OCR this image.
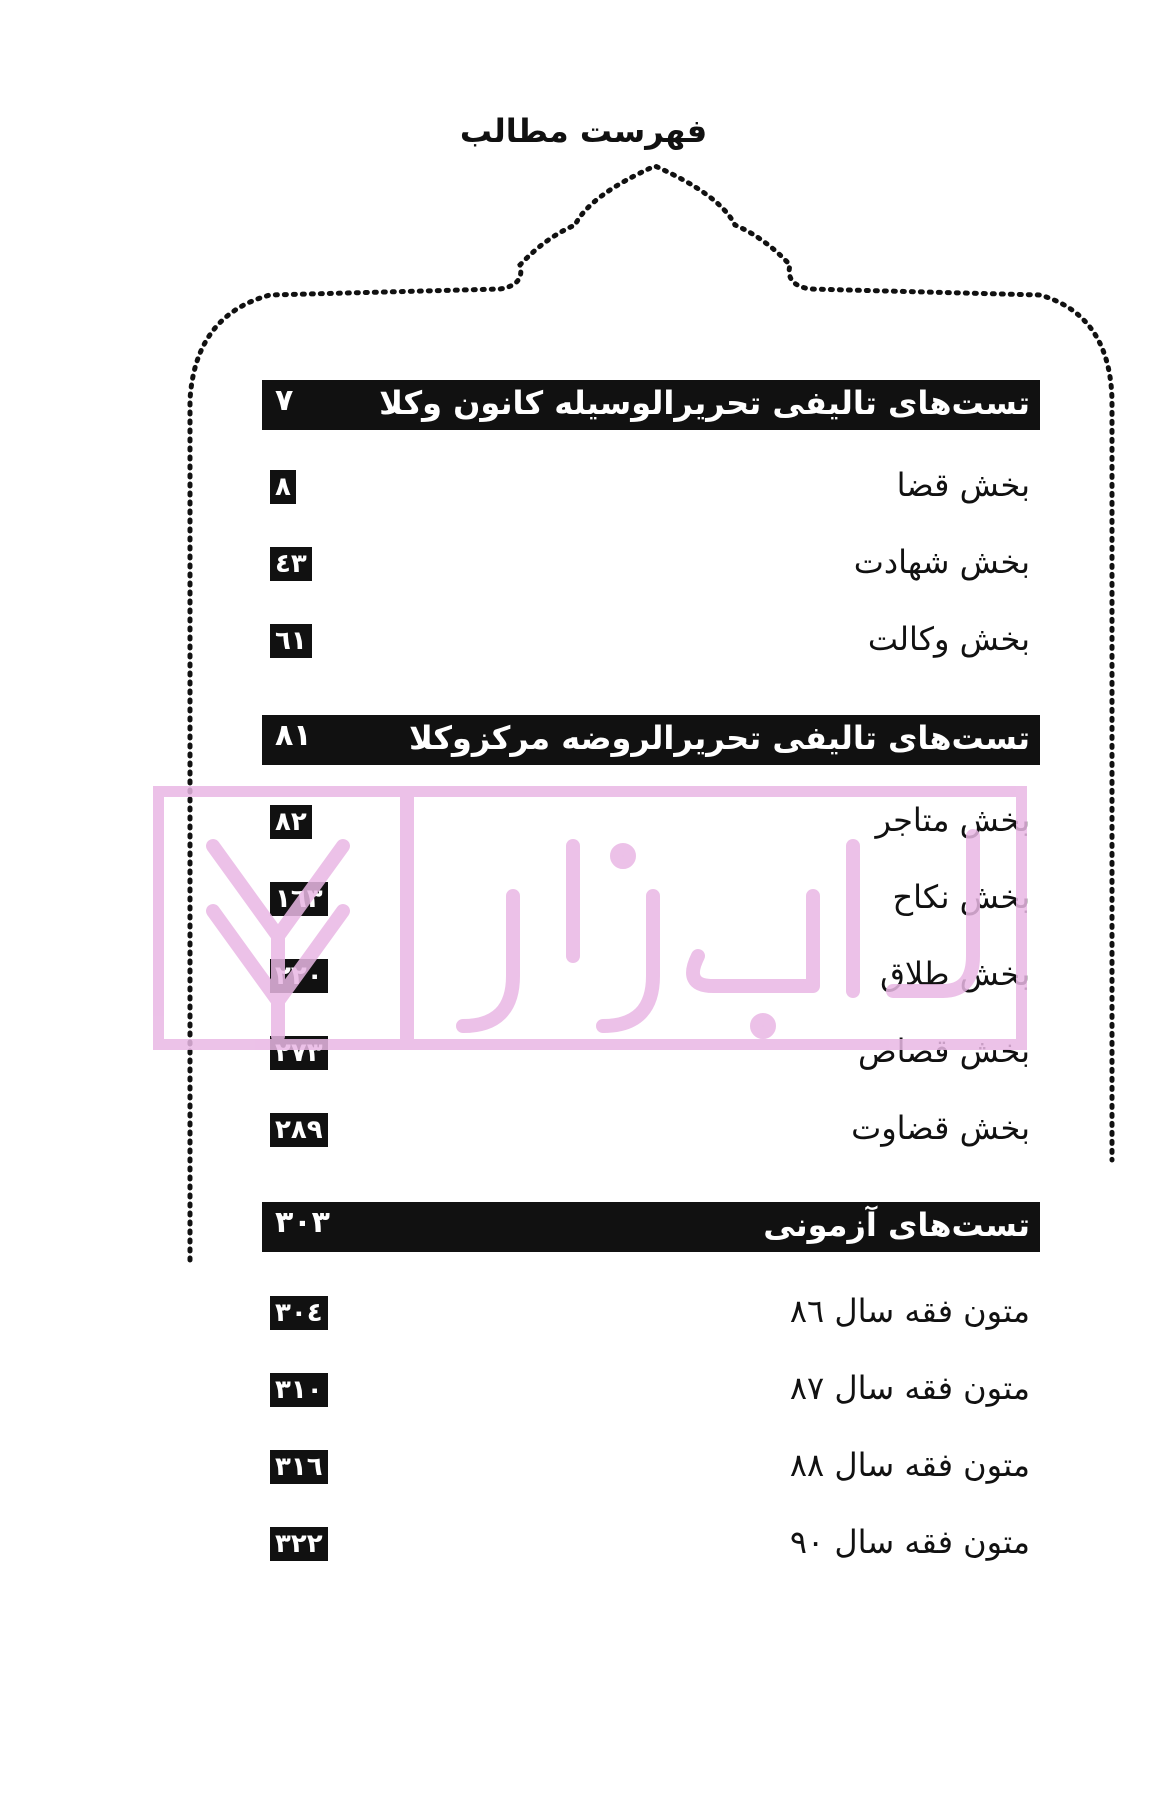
فهرست مطالب
تست‌های تالیفی تحریرالوسیله کانون وکلا
۷
بخش قضا
۸
بخش شهادت
٤٣
بخش وکالت
٦١
تست‌های تالیفی تحریرالروضه مرکزوکلا
۸۱
بخش متاجر
۸۲
بخش نکاح
۱٦۳
بخش طلاق
۲۲۰
بخش قصاص
۲۷۳
بخش قضاوت
۲۸۹
تست‌های آزمونی
۳۰۳
متون فقه سال ۸٦
۳۰٤
متون فقه سال ۸۷
۳۱۰
متون فقه سال ۸۸
۳۱٦
متون فقه سال ۹۰
۳۲۲
